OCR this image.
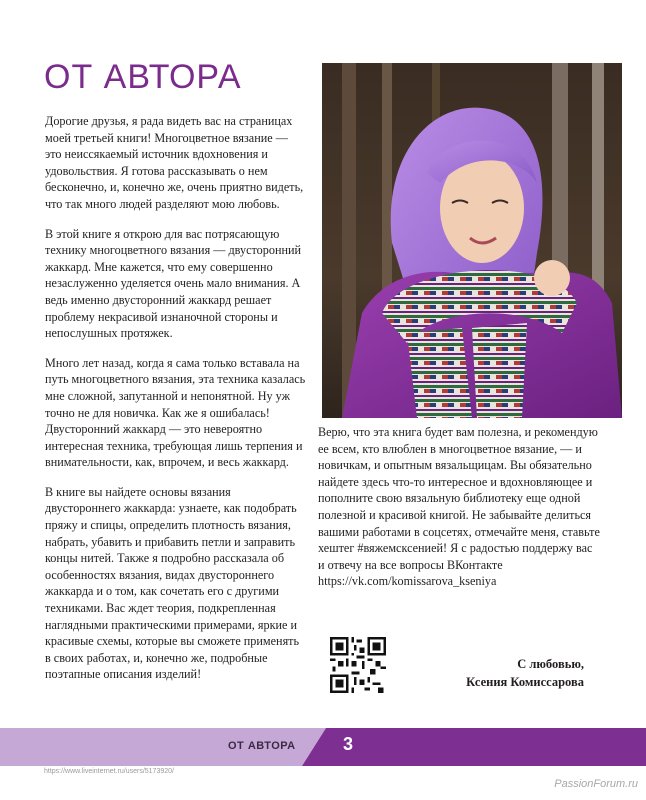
ОТ АВТОРА

Дорогие друзья, я рада видеть вас на страницах моей третьей книги! Многоцветное вязание — это неиссякаемый источник вдохновения и удовольствия. Я готова рассказывать о нем бесконечно, и, конечно же, очень приятно видеть, что так много людей разделяют мою любовь.

В этой книге я открою для вас потрясающую технику многоцветного вязания — двусторонний жаккард. Мне кажется, что ему совершенно незаслуженно уделяется очень мало внимания. А ведь именно двусторонний жаккард решает проблему некрасивой изнаночной стороны и непослушных протяжек.

Много лет назад, когда я сама только вставала на путь многоцветного вязания, эта техника казалась мне сложной, запутанной и непонятной. Ну уж точно не для новичка. Как же я ошибалась! Двусторонний жаккард — это невероятно интересная техника, требующая лишь терпения и внимательности, как, впрочем, и весь жаккард.

В книге вы найдете основы вязания двустороннего жаккарда: узнаете, как подобрать пряжу и спицы, определить плотность вязания, набрать, убавить и прибавить петли и заправить концы нитей. Также я подробно рассказала об особенностях вязания, видах двустороннего жаккарда и о том, как сочетать его с другими техниками. Вас ждет теория, подкрепленная наглядными практическими примерами, яркие и красивые схемы, которые вы сможете применять в своих работах, и, конечно же, подробные поэтапные описания изделий!

Верю, что эта книга будет вам полезна, и рекомендую ее всем, кто влюблен в многоцветное вязание, — и новичкам, и опытным вязальщицам. Вы обязательно найдете здесь что-то интересное и вдохновляющее и пополните свою вязальную библиотеку еще одной полезной и красивой книгой. Не забывайте делиться вашими работами в соцсетях, отмечайте меня, ставьте хештег #вяжемсксенией! Я с радостью поддержу вас и отвечу на все вопросы ВКонтакте https://vk.com/komissarova_kseniya

С любовью,
Ксения Комиссарова
ОТ АВТОРА	3
https://www.liveinternet.ru/users/5173920/
PassionForum.ru
